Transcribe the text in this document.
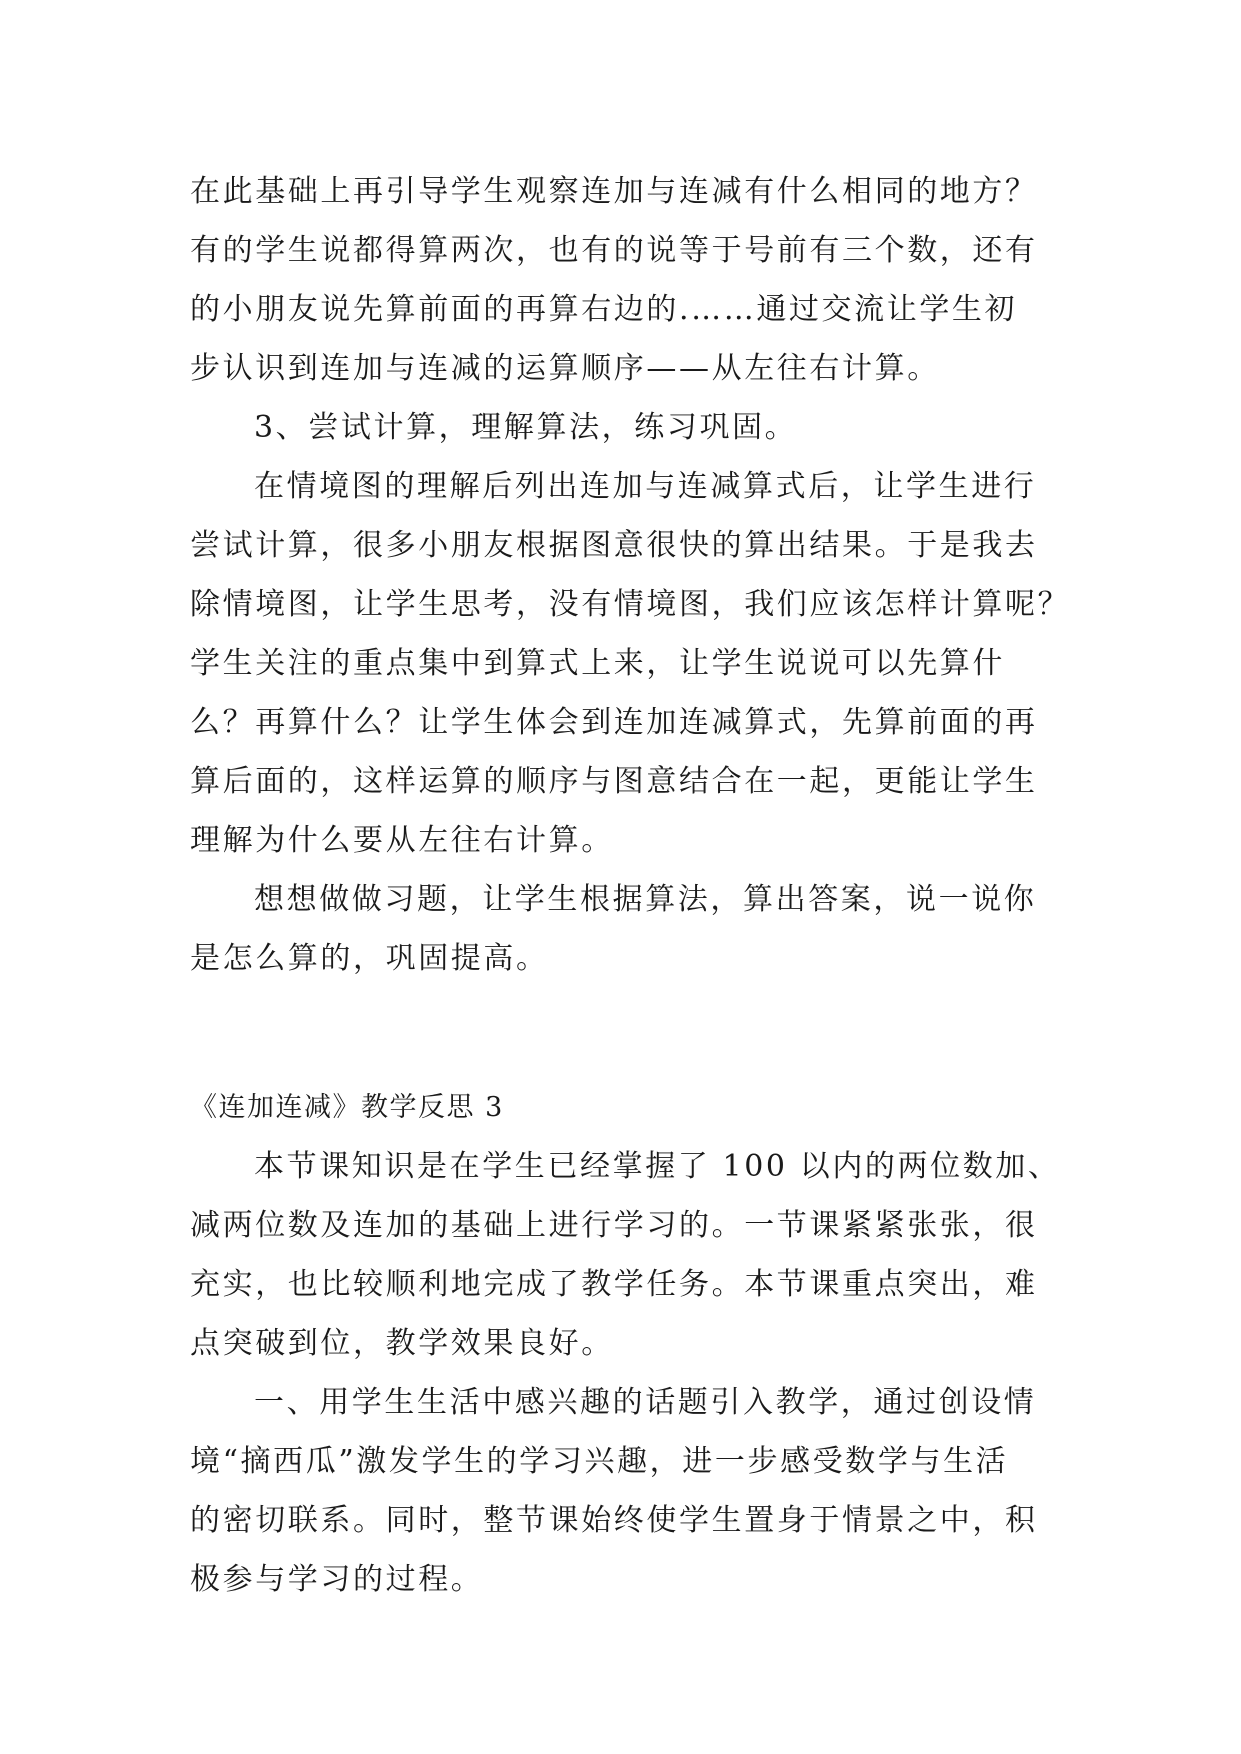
在此基础上再引导学生观察连加与连减有什么相同的地方？
有的学生说都得算两次，也有的说等于号前有三个数，还有
的小朋友说先算前面的再算右边的.……通过交流让学生初
步认识到连加与连减的运算顺序——从左往右计算。
3、尝试计算，理解算法，练习巩固。
在情境图的理解后列出连加与连减算式后，让学生进行
尝试计算，很多小朋友根据图意很快的算出结果。于是我去
除情境图，让学生思考，没有情境图，我们应该怎样计算呢？
学生关注的重点集中到算式上来，让学生说说可以先算什
么？再算什么？让学生体会到连加连减算式，先算前面的再
算后面的，这样运算的顺序与图意结合在一起，更能让学生
理解为什么要从左往右计算。
想想做做习题，让学生根据算法，算出答案，说一说你
是怎么算的，巩固提高。
《连加连减》教学反思 3
本节课知识是在学生已经掌握了 100 以内的两位数加、
减两位数及连加的基础上进行学习的。一节课紧紧张张，很
充实，也比较顺利地完成了教学任务。本节课重点突出，难
点突破到位，教学效果良好。
一、用学生生活中感兴趣的话题引入教学，通过创设情
境“摘西瓜”激发学生的学习兴趣，进一步感受数学与生活
的密切联系。同时，整节课始终使学生置身于情景之中，积
极参与学习的过程。
